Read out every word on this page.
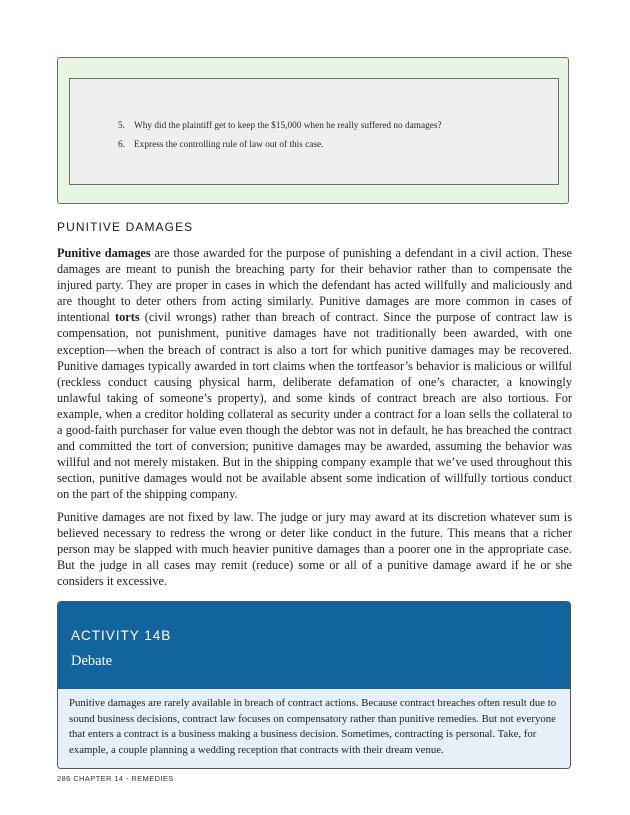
5. Why did the plaintiff get to keep the $15,000 when he really suffered no damages?
6. Express the controlling rule of law out of this case.
PUNITIVE DAMAGES

Punitive damages are those awarded for the purpose of punishing a defendant in a civil action. These damages are meant to punish the breaching party for their behavior rather than to compensate the injured party. They are proper in cases in which the defendant has acted willfully and maliciously and are thought to deter others from acting similarly. Punitive damages are more common in cases of intentional torts (civil wrongs) rather than breach of contract. Since the purpose of contract law is compensation, not punishment, punitive damages have not traditionally been awarded, with one exception—when the breach of contract is also a tort for which punitive damages may be recovered. Punitive damages typically awarded in tort claims when the tortfeasor’s behavior is malicious or willful (reckless conduct causing physical harm, deliberate defamation of one’s character, a knowingly unlawful taking of someone’s property), and some kinds of contract breach are also tortious. For example, when a creditor holding collateral as security under a contract for a loan sells the collateral to a good-faith purchaser for value even though the debtor was not in default, he has breached the contract and committed the tort of conversion; punitive damages may be awarded, assuming the behavior was willful and not merely mistaken. But in the shipping company example that we’ve used throughout this section, punitive damages would not be available absent some indication of willfully tortious conduct on the part of the shipping company.

Punitive damages are not fixed by law. The judge or jury may award at its discretion whatever sum is believed necessary to redress the wrong or deter like conduct in the future. This means that a richer person may be slapped with much heavier punitive damages than a poorer one in the appropriate case. But the judge in all cases may remit (reduce) some or all of a punitive damage award if he or she considers it excessive.

ACTIVITY 14B
Debate

Punitive damages are rarely available in breach of contract actions. Because contract breaches often result due to sound business decisions, contract law focuses on compensatory rather than punitive remedies. But not everyone that enters a contract is a business making a business decision. Sometimes, contracting is personal. Take, for example, a couple planning a wedding reception that contracts with their dream venue.

286 CHAPTER 14 - REMEDIES
